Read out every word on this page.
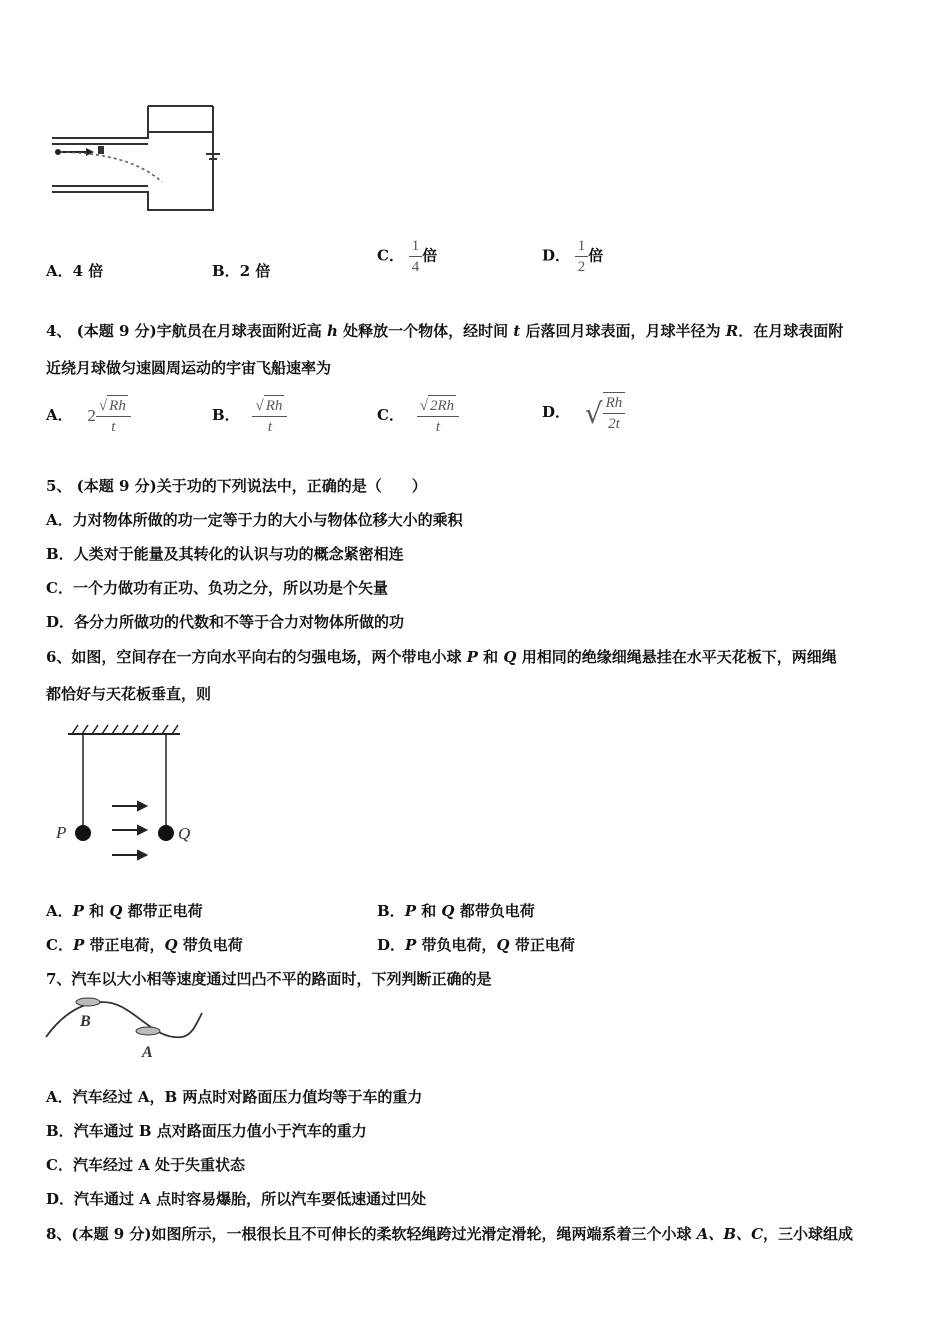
A．4 倍	B．2 倍
C． $\frac{1}{4}$ 倍	D． $\frac{1}{2}$ 倍
4、 (本题 9 分)宇航员在月球表面附近高 h 处释放一个物体，经时间 t 后落回月球表面，月球半径为 R．在月球表面附
近绕月球做匀速圆周运动的宇宙飞船速率为
A． $2 \frac{√ Rh}{t}$	B． $\frac{√ Rh}{t}$	C． $\frac{√ 2Rh}{t}$	D． √ $\frac{Rh}{2t}$
5、 (本题 9 分)关于功的下列说法中，正确的是（　　）
A．力对物体所做的功一定等于力的大小与物体位移大小的乘积
B．人类对于能量及其转化的认识与功的概念紧密相连
C．一个力做功有正功、负功之分，所以功是个矢量
D．各分力所做功的代数和不等于合力对物体所做的功
6、如图，空间存在一方向水平向右的匀强电场，两个带电小球 P 和 Q 用相同的绝缘细绳悬挂在水平天花板下，两细绳
都恰好与天花板垂直，则
P	Q
A．P 和 Q 都带正电荷	B．P 和 Q 都带负电荷
C．P 带正电荷，Q 带负电荷	D．P 带负电荷，Q 带正电荷
7、汽车以大小相等速度通过凹凸不平的路面时，下列判断正确的是
B
A
A．汽车经过 A，B 两点时对路面压力值均等于车的重力
B．汽车通过 B 点对路面压力值小于汽车的重力
C．汽车经过 A 处于失重状态
D．汽车通过 A 点时容易爆胎，所以汽车要低速通过凹处
8、(本题 9 分)如图所示，一根很长且不可伸长的柔软轻绳跨过光滑定滑轮，绳两端系着三个小球 A、B、C，三小球组成
